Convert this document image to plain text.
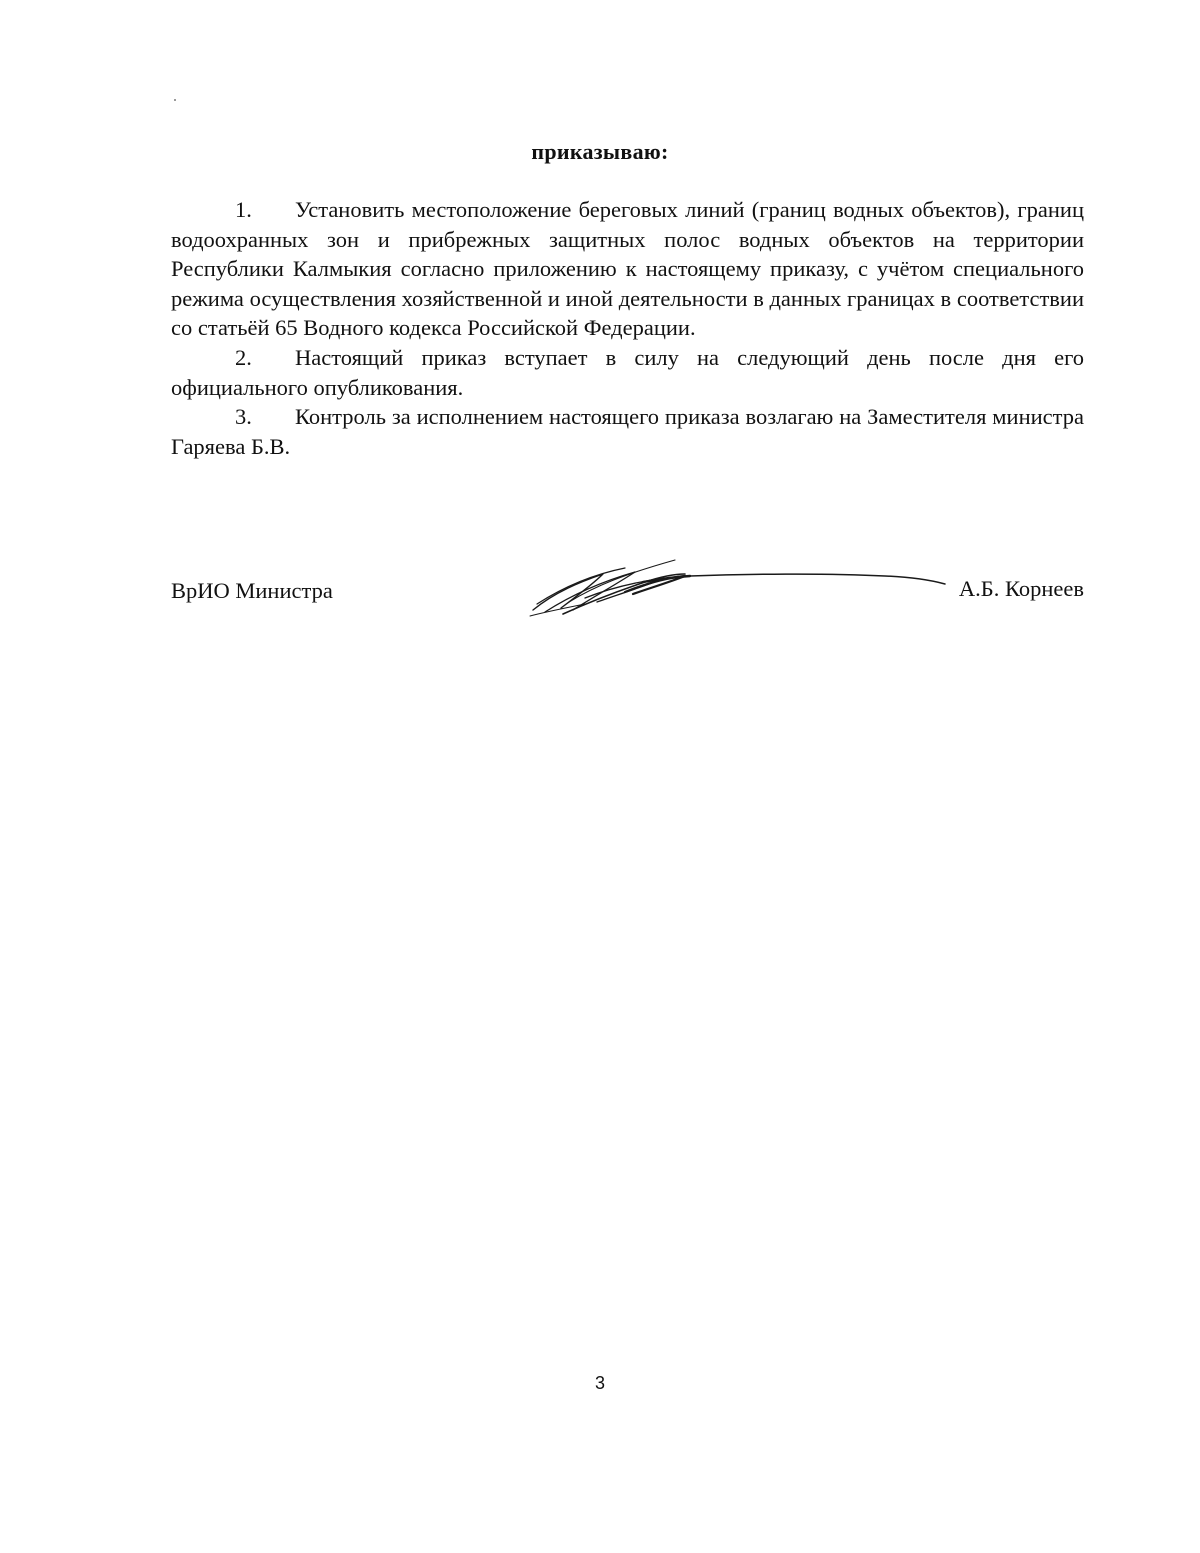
приказываю:

1. Установить местоположение береговых линий (границ водных объектов), границ водоохранных зон и прибрежных защитных полос водных объектов на территории Республики Калмыкия согласно приложению к настоящему приказу, с учётом специального режима осуществления хозяйственной и иной деятельности в данных границах в соответствии со статьёй 65 Водного кодекса Российской Федерации.

2. Настоящий приказ вступает в силу на следующий день после дня его официального опубликования.

3. Контроль за исполнением настоящего приказа возлагаю на Заместителя министра Гаряева Б.В.

ВрИО Министра	А.Б. Корнеев
3
